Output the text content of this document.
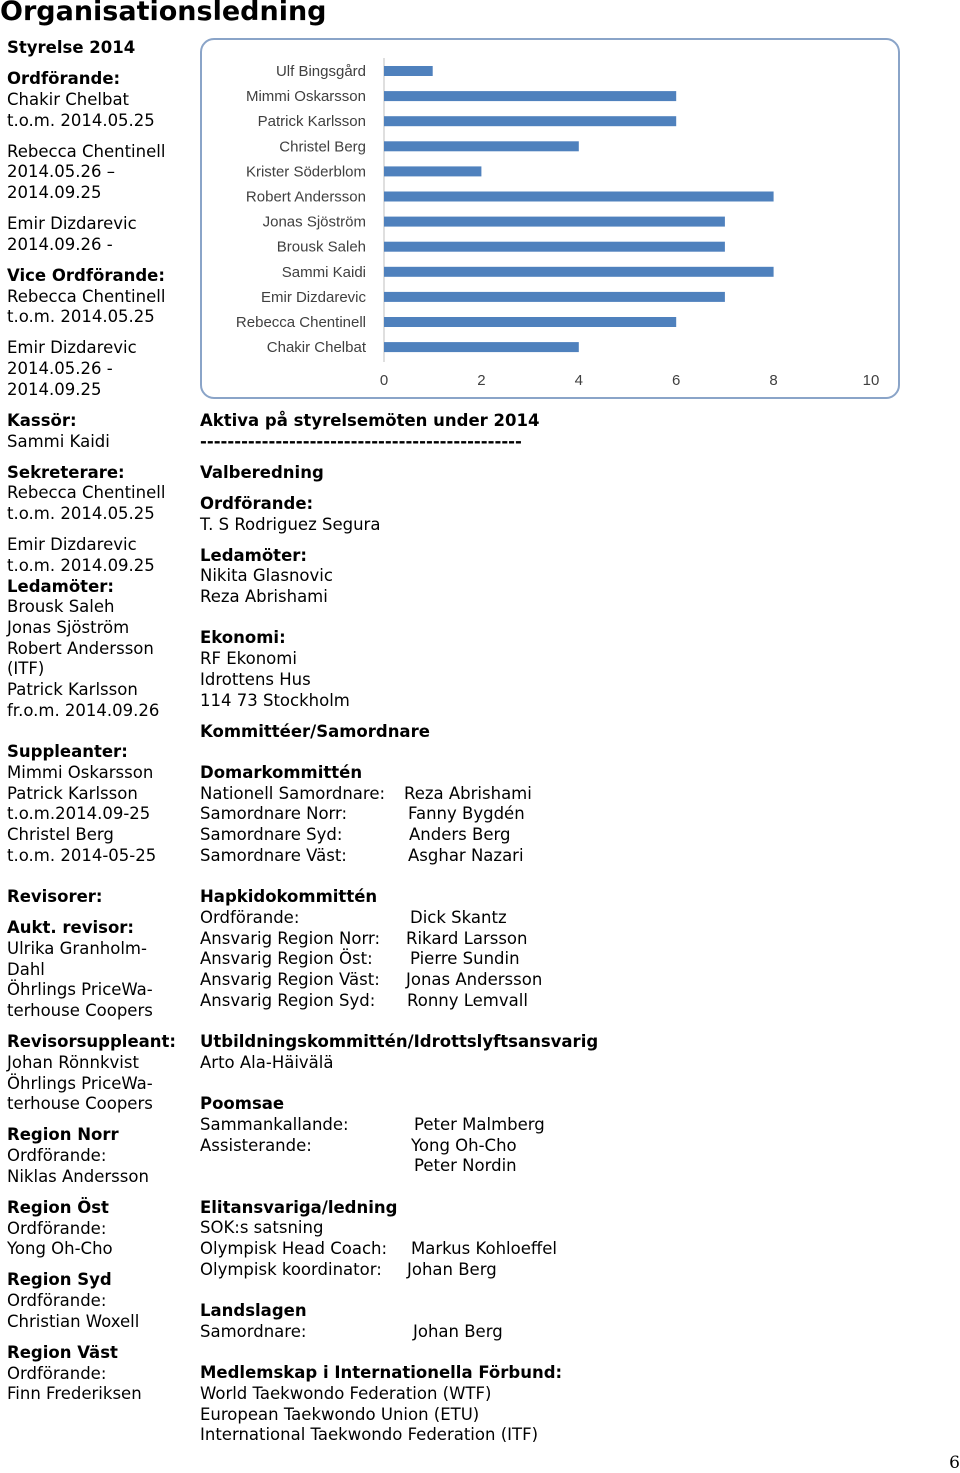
Organisationsledning
Styrelse 2014
Ordförande:
Chakir Chelbat
t.o.m. 2014.05.25
Rebecca Chentinell
2014.05.26 –
2014.09.25
Emir Dizdarevic
2014.09.26 -
Vice Ordförande:
Rebecca Chentinell
t.o.m. 2014.05.25
Emir Dizdarevic
2014.05.26 -
2014.09.25
Kassör:
Sammi Kaidi
Sekreterare:
Rebecca Chentinell
t.o.m. 2014.05.25
Emir Dizdarevic
t.o.m. 2014.09.25
Ledamöter:
Brousk Saleh
Jonas Sjöström
Robert Andersson
(ITF)
Patrick Karlsson
fr.o.m. 2014.09.26
Suppleanter:
Mimmi Oskarsson
Patrick Karlsson
t.o.m.2014.09-25
Christel Berg
t.o.m. 2014-05-25
Revisorer:
Aukt. revisor:
Ulrika Granholm-
Dahl
Öhrlings PriceWa-
terhouse Coopers
Revisorsuppleant:
Johan Rönnkvist
Öhrlings PriceWa-
terhouse Coopers
Region Norr
Ordförande:
Niklas Andersson
Region Öst
Ordförande:
Yong Oh-Cho
Region Syd
Ordförande:
Christian Woxell
Region Väst
Ordförande:
Finn Frederiksen
Ulf Bingsgård
Mimmi Oskarsson
Patrick Karlsson
Christel Berg
Krister Söderblom
Robert Andersson
Jonas Sjöström
Brousk Saleh
Sammi Kaidi
Emir Dizdarevic
Rebecca Chentinell
Chakir Chelbat
0	2	4	6	8	10
Aktiva på styrelsemöten under 2014
-----------------------------------------------
Valberedning
Ordförande:
T. S Rodriguez Segura
Ledamöter:
Nikita Glasnovic
Reza Abrishami
Ekonomi:
RF Ekonomi
Idrottens Hus
114 73 Stockholm
Kommittéer/Samordnare
Domarkommittén
Nationell Samordnare:	Reza Abrishami
Samordnare Norr:	Fanny Bygdén
Samordnare Syd:	Anders Berg
Samordnare Väst:	Asghar Nazari
Hapkidokommittén
Ordförande:	Dick Skantz
Ansvarig Region Norr:	Rikard Larsson
Ansvarig Region Öst:	Pierre Sundin
Ansvarig Region Väst:	Jonas Andersson
Ansvarig Region Syd:	Ronny Lemvall
Utbildningskommittén/Idrottslyftsansvarig
Arto Ala-Häivälä
Poomsae
Sammankallande:	Peter Malmberg
Assisterande:	Yong Oh-Cho
Peter Nordin
Elitansvariga/ledning
SOK:s satsning
Olympisk Head Coach:	Markus Kohloeffel
Olympisk koordinator:	Johan Berg
Landslagen
Samordnare:	Johan Berg
Medlemskap i Internationella Förbund:
World Taekwondo Federation (WTF)
European Taekwondo Union (ETU)
International Taekwondo Federation (ITF)
6
